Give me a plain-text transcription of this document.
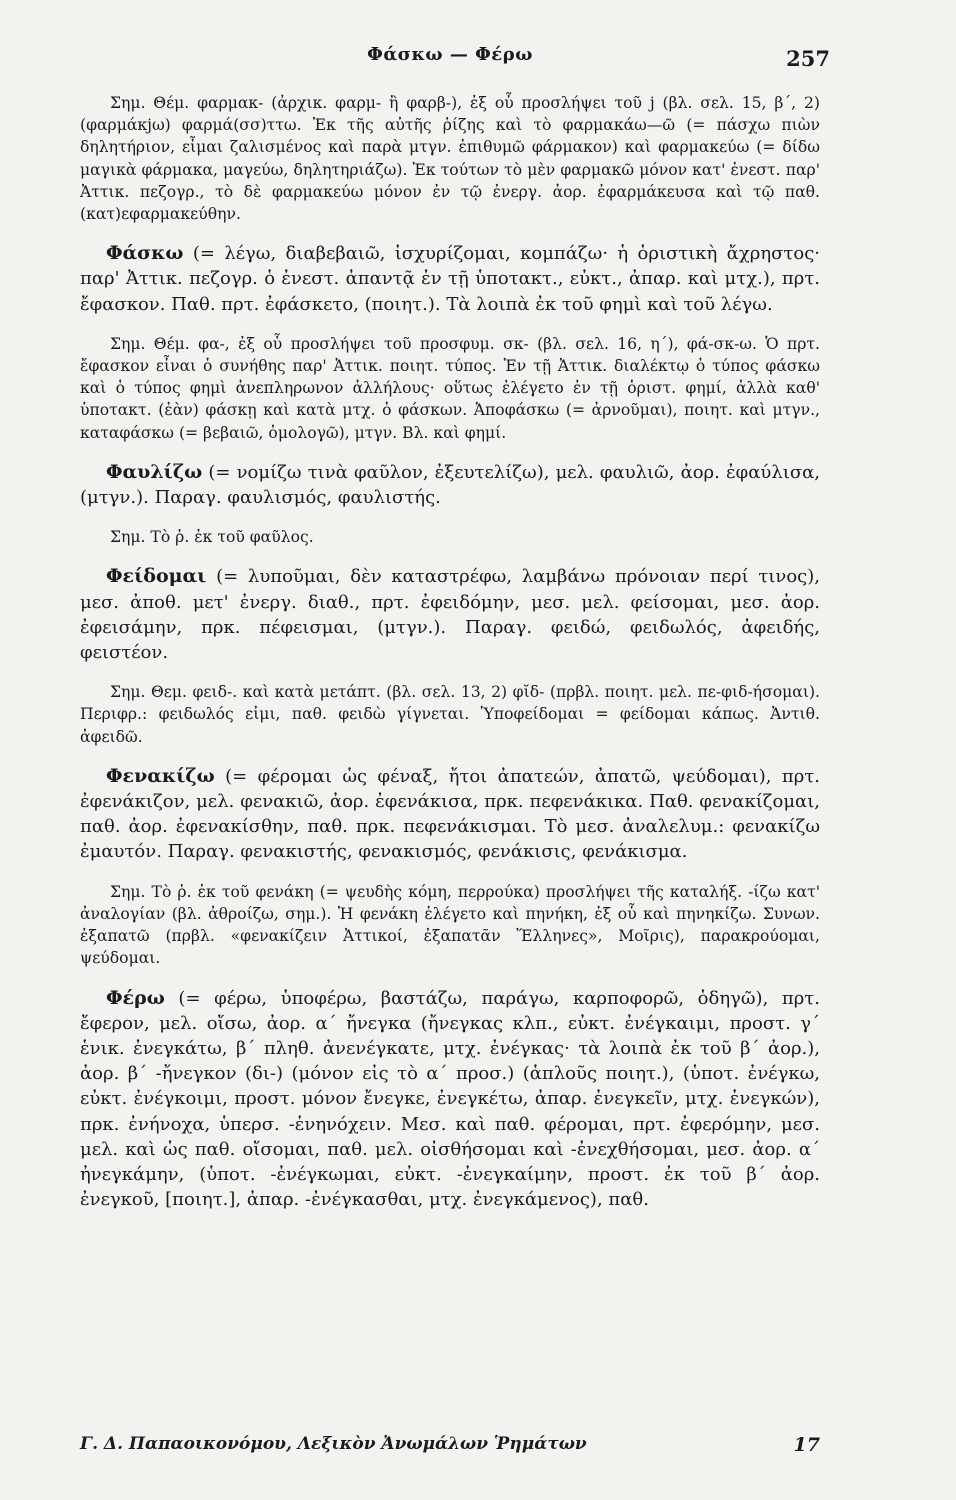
Φάσκω — Φέρω	257

Σημ. Θέμ. φαρμακ- (ἀρχικ. φαρμ- ἢ φαρβ-), ἐξ οὗ προσλήψει τοῦ j (βλ. σελ. 15, β΄, 2) (φαρμάκjω) φαρμά(σσ)ττω. Ἐκ τῆς αὐτῆς ῥίζης καὶ τὸ φαρμακάω—ῶ (= πάσχω πιὼν δηλητήριον, εἶμαι ζαλισμένος καὶ παρὰ μτγν. ἐπιθυμῶ φάρμακον) καὶ φαρμακεύω (= δίδω μαγικὰ φάρμακα, μαγεύω, δηλητηριάζω). Ἐκ τούτων τὸ μὲν φαρμακῶ μόνον κατ' ἐνεστ. παρ' Ἀττικ. πεζογρ., τὸ δὲ φαρμακεύω μόνον ἐν τῷ ἐνεργ. ἀορ. ἐφαρμάκευσα καὶ τῷ παθ. (κατ)εφαρμακεύθην.

Φάσκω (= λέγω, διαβεβαιῶ, ἰσχυρίζομαι, κομπάζω· ἡ ὁριστικὴ ἄχρηστος· παρ' Ἀττικ. πεζογρ. ὁ ἐνεστ. ἀπαντᾷ ἐν τῇ ὑποτακτ., εὐκτ., ἀπαρ. καὶ μτχ.), πρτ. ἔφασκον. Παθ. πρτ. ἐφάσκετο, (ποιητ.). Τὰ λοιπὰ ἐκ τοῦ φημὶ καὶ τοῦ λέγω.

Σημ. Θέμ. φα-, ἐξ οὗ προσλήψει τοῦ προσφυμ. σκ- (βλ. σελ. 16, η΄), φά-σκ-ω. Ὁ πρτ. ἔφασκον εἶναι ὁ συνήθης παρ' Ἀττικ. ποιητ. τύπος. Ἐν τῇ Ἀττικ. διαλέκτῳ ὁ τύπος φάσκω καὶ ὁ τύπος φημὶ ἀνεπληρωνον ἀλλήλους· οὕτως ἐλέγετο ἐν τῇ ὁριστ. φημί, ἀλλὰ καθ' ὑποτακτ. (ἐὰν) φάσκῃ καὶ κατὰ μτχ. ὁ φάσκων. Ἀποφάσκω (= ἀρνοῦμαι), ποιητ. καὶ μτγν., καταφάσκω (= βεβαιῶ, ὁμολογῶ), μτγν. Βλ. καὶ φημί.

Φαυλίζω (= νομίζω τινὰ φαῦλον, ἐξευτελίζω), μελ. φαυλιῶ, ἀορ. ἐφαύλισα, (μτγν.). Παραγ. φαυλισμός, φαυλιστής.

Σημ. Τὸ ῥ. ἐκ τοῦ φαῦλος.

Φείδομαι (= λυποῦμαι, δὲν καταστρέφω, λαμβάνω πρόνοιαν περί τινος), μεσ. ἀποθ. μετ' ἐνεργ. διαθ., πρτ. ἐφειδόμην, μεσ. μελ. φείσομαι, μεσ. ἀορ. ἐφεισάμην, πρκ. πέφεισμαι, (μτγν.). Παραγ. φειδώ, φειδωλός, ἀφειδής, φειστέον.

Σημ. Θεμ. φειδ-. καὶ κατὰ μετάπτ. (βλ. σελ. 13, 2) φῐδ- (πρβλ. ποιητ. μελ. πε-φιδ-ήσομαι). Περιφρ.: φειδωλός εἰμι, παθ. φειδὼ γίγνεται. Ὑποφείδομαι = φείδομαι κάπως. Ἀντιθ. ἀφειδῶ.

Φενακίζω (= φέρομαι ὡς φέναξ, ἤτοι ἀπατεών, ἀπατῶ, ψεύδομαι), πρτ. ἐφενάκιζον, μελ. φενακιῶ, ἀορ. ἐφενάκισα, πρκ. πεφενάκικα. Παθ. φενακίζομαι, παθ. ἀορ. ἐφενακίσθην, παθ. πρκ. πεφενάκισμαι. Τὸ μεσ. ἀναλελυμ.: φενακίζω ἐμαυτόν. Παραγ. φενακιστής, φενακισμός, φενάκισις, φενάκισμα.

Σημ. Τὸ ῥ. ἐκ τοῦ φενάκη (= ψευδὴς κόμη, περρούκα) προσλήψει τῆς καταλήξ. -ίζω κατ' ἀναλογίαν (βλ. ἀθροίζω, σημ.). Ἡ φενάκη ἐλέγετο καὶ πηνήκη, ἐξ οὗ καὶ πηνηκίζω. Συνων. ἐξαπατῶ (πρβλ. «φενακίζειν Ἀττικοί, ἐξαπατᾶν Ἕλληνες», Μοῖρις), παρακρούομαι, ψεύδομαι.

Φέρω (= φέρω, ὑποφέρω, βαστάζω, παράγω, καρποφορῶ, ὁδηγῶ), πρτ. ἔφερον, μελ. οἴσω, ἀορ. α΄ ἤνεγκα (ἤνεγκας κλπ., εὐκτ. ἐνέγκαιμι, προστ. γ΄ ἑνικ. ἐνεγκάτω, β΄ πληθ. ἀνενέγκατε, μτχ. ἐνέγκας· τὰ λοιπὰ ἐκ τοῦ β΄ ἀορ.), ἀορ. β΄ -ἤνεγκον (δι-) (μόνον εἰς τὸ α΄ προσ.) (ἁπλοῦς ποιητ.), (ὑποτ. ἐνέγκω, εὐκτ. ἐνέγκοιμι, προστ. μόνον ἔνεγκε, ἐνεγκέτω, ἀπαρ. ἐνεγκεῖν, μτχ. ἐνεγκών), πρκ. ἐνήνοχα, ὑπερσ. -ἐνηνόχειν. Μεσ. καὶ παθ. φέρομαι, πρτ. ἐφερόμην, μεσ. μελ. καὶ ὡς παθ. οἴσομαι, παθ. μελ. οἰσθήσομαι καὶ -ἐνεχθήσομαι, μεσ. ἀορ. α΄ ἠνεγκάμην, (ὑποτ. -ἐνέγκωμαι, εὐκτ. -ἐνεγκαίμην, προστ. ἐκ τοῦ β΄ ἀορ. ἐνεγκοῦ, [ποιητ.], ἀπαρ. -ἐνέγκασθαι, μτχ. ἐνεγκάμενος), παθ.

Γ. Δ. Παπαοικονόμου, Λεξικὸν Ἀνωμάλων Ῥημάτων	17
